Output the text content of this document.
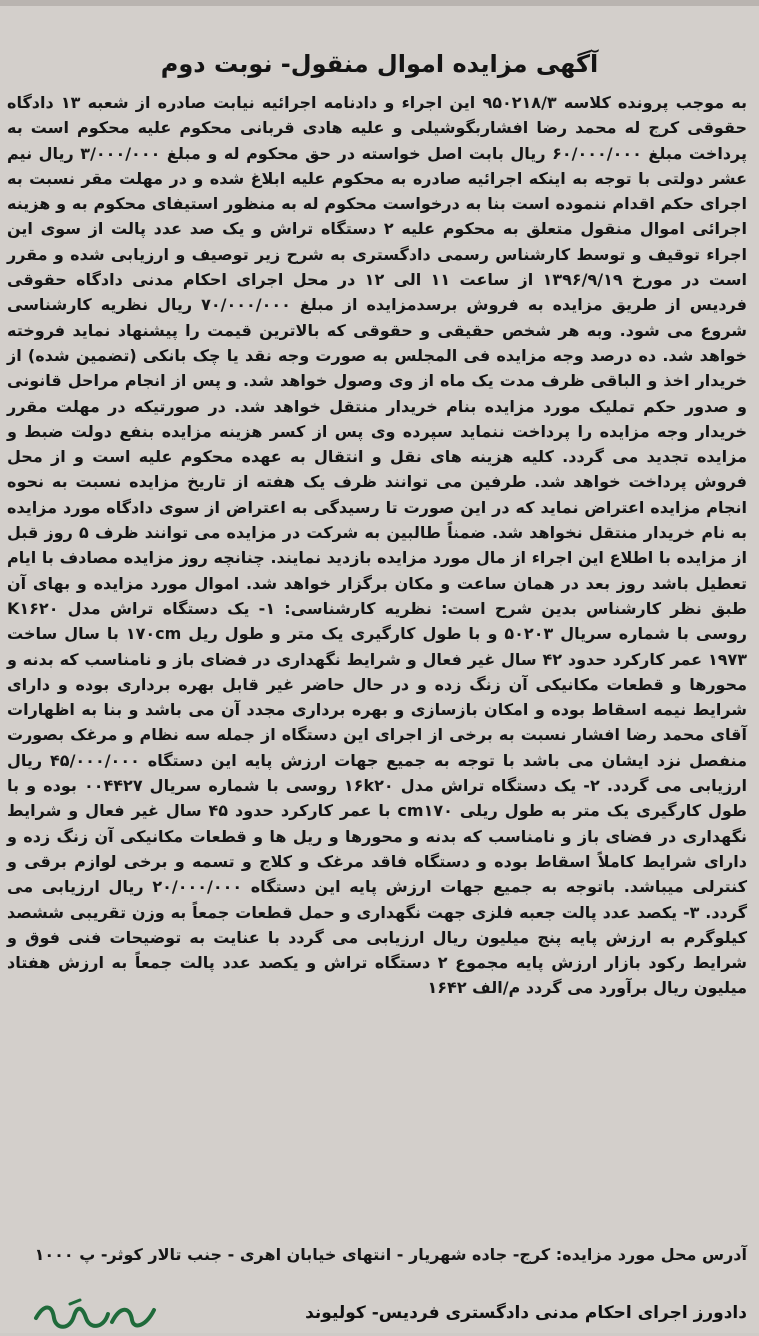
آگهی مزایده اموال منقول- نوبت دوم

به موجب پرونده کلاسه ۹۵۰۲۱۸/۳ این اجراء و دادنامه اجرائیه نیابت صادره از شعبه ۱۳ دادگاه حقوقی کرج له محمد رضا افشاربگوشیلی و علیه هادی قربانی محکوم علیه محکوم است به پرداخت مبلغ ۶۰/۰۰۰/۰۰۰ ریال بابت اصل خواسته در حق محکوم له و مبلغ ۳/۰۰۰/۰۰۰ ریال نیم عشر دولتی با توجه به اینکه اجرائیه صادره به محکوم علیه ابلاغ شده و در مهلت مقر نسبت به اجرای حکم اقدام ننموده است بنا به درخواست محکوم له به منظور استیفای محکوم به و هزینه اجرائی اموال منقول متعلق به محکوم علیه ۲ دستگاه تراش و یک صد عدد پالت از سوی این اجراء توقیف و توسط کارشناس رسمی دادگستری به شرح زیر توصیف و ارزیابی شده و مقرر است در مورخ ۱۳۹۶/۹/۱۹ از ساعت ۱۱ الی ۱۲ در محل اجرای احکام مدنی دادگاه حقوقی فردیس از طریق مزایده به فروش برسدمزایده از مبلغ ۷۰/۰۰۰/۰۰۰ ریال نظریه کارشناسی شروع می شود. وبه هر شخص حقیقی و حقوقی که بالاترین قیمت را پیشنهاد نماید فروخته خواهد شد. ده درصد وجه مزایده فی المجلس به صورت وجه نقد یا چک بانکی (تضمین شده) از خریدار اخذ و الباقی ظرف مدت یک ماه از وی وصول خواهد شد. و پس از انجام مراحل قانونی و صدور حکم تملیک مورد مزایده بنام خریدار منتقل خواهد شد. در صورتیکه در مهلت مقرر خریدار وجه مزایده را پرداخت ننماید سپرده وی پس از کسر هزینه مزایده بنفع دولت ضبط و مزایده تجدید می گردد. کلیه هزینه های نقل و انتقال به عهده محکوم علیه است و از محل فروش پرداخت خواهد شد. طرفین می توانند ظرف یک هفته از تاریخ مزایده نسبت به نحوه انجام مزایده اعتراض نماید که در این صورت تا رسیدگی به اعتراض از سوی دادگاه مورد مزایده به نام خریدار منتقل نخواهد شد. ضمناً طالبین به شرکت در مزایده می توانند ظرف ۵ روز قبل از مزایده با اطلاع این اجراء از مال مورد مزایده بازدید نمایند. چنانچه روز مزایده مصادف با ایام تعطیل باشد روز بعد در همان ساعت و مکان برگزار خواهد شد. اموال مورد مزایده و بهای آن طبق نظر کارشناس بدین شرح است: نظریه کارشناسی: ۱- یک دستگاه تراش مدل K۱۶۲۰ روسی با شماره سریال ۵۰۲۰۳ و با طول کارگیری یک متر و طول ریل ۱۷۰cm با سال ساخت ۱۹۷۳ عمر کارکرد حدود ۴۲ سال غیر فعال و شرایط نگهداری در فضای باز و نامناسب که بدنه و محورها و قطعات مکانیکی آن زنگ زده و در حال حاضر غیر قابل بهره برداری بوده و دارای شرایط نیمه اسقاط بوده و امکان بازسازی و بهره برداری مجدد آن می باشد و بنا به اظهارات آقای محمد رضا افشار نسبت به برخی از اجرای این دستگاه از جمله سه نظام و مرغک بصورت منفصل نزد ایشان می باشد با توجه به جمیع جهات ارزش پایه این دستگاه ۴۵/۰۰۰/۰۰۰ ریال ارزیابی می گردد. ۲- یک دستگاه تراش مدل ۱۶k۲۰ روسی با شماره سریال ۰۰۴۴۲۷ بوده و با طول کارگیری یک متر به طول ریلی cm۱۷۰ با عمر کارکرد حدود ۴۵ سال غیر فعال و شرایط نگهداری در فضای باز و نامناسب که بدنه و محورها و ریل ها و قطعات مکانیکی آن زنگ زده و دارای شرایط کاملاً اسقاط بوده و دستگاه فاقد مرغک و کلاج و تسمه و برخی لوازم برقی و کنترلی میباشد. باتوجه به جمیع جهات ارزش پایه این دستگاه ۲۰/۰۰۰/۰۰۰ ریال ارزیابی می گردد. ۳- یکصد عدد پالت جعبه فلزی جهت نگهداری و حمل قطعات جمعاً به وزن تقریبی ششصد کیلوگرم به ارزش پایه پنج میلیون ریال ارزیابی می گردد با عنایت به توضیحات فنی فوق و شرایط رکود بازار ارزش پایه مجموع ۲ دستگاه تراش و یکصد عدد پالت جمعاً به ارزش هفتاد میلیون ریال برآورد می گردد م/الف ۱۶۴۲

آدرس محل مورد مزایده: کرج- جاده شهریار - انتهای خیابان اهری - جنب تالار کوثر- پ ۱۰۰۰
دادورز اجرای احکام مدنی دادگستری فردیس- کولیوند
